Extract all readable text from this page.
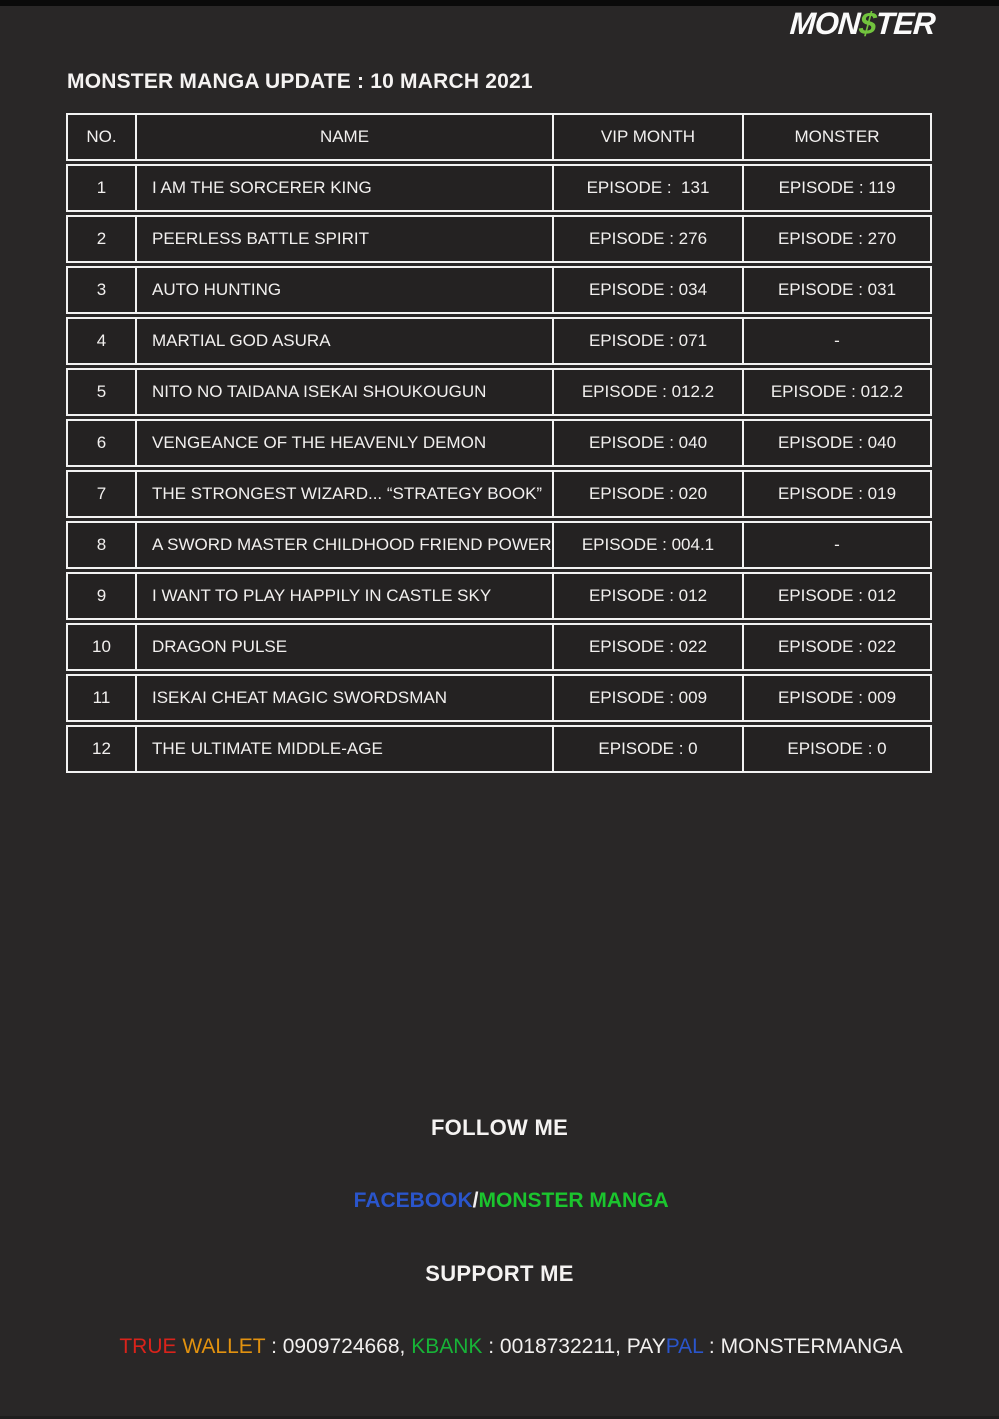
MON$TER
MONSTER MANGA UPDATE : 10 MARCH 2021
NO.	NAME	VIP MONTH	MONSTER
1	I AM THE SORCERER KING	EPISODE :  131	EPISODE : 119
2	PEERLESS BATTLE SPIRIT	EPISODE : 276	EPISODE : 270
3	AUTO HUNTING	EPISODE : 034	EPISODE : 031
4	MARTIAL GOD ASURA	EPISODE : 071	-
5	NITO NO TAIDANA ISEKAI SHOUKOUGUN	EPISODE : 012.2	EPISODE : 012.2
6	VENGEANCE OF THE HEAVENLY DEMON	EPISODE : 040	EPISODE : 040
7	THE STRONGEST WIZARD... “STRATEGY BOOK”	EPISODE : 020	EPISODE : 019
8	A SWORD MASTER CHILDHOOD FRIEND POWER	EPISODE : 004.1	-
9	I WANT TO PLAY HAPPILY IN CASTLE SKY	EPISODE : 012	EPISODE : 012
10	DRAGON PULSE	EPISODE : 022	EPISODE : 022
11	ISEKAI CHEAT MAGIC SWORDSMAN	EPISODE : 009	EPISODE : 009
12	THE ULTIMATE MIDDLE-AGE	EPISODE : 0	EPISODE : 0
FOLLOW ME

FACEBOOK/MONSTER MANGA

SUPPORT ME

TRUE WALLET : 0909724668, KBANK : 0018732211, PAYPAL : MONSTERMANGA
